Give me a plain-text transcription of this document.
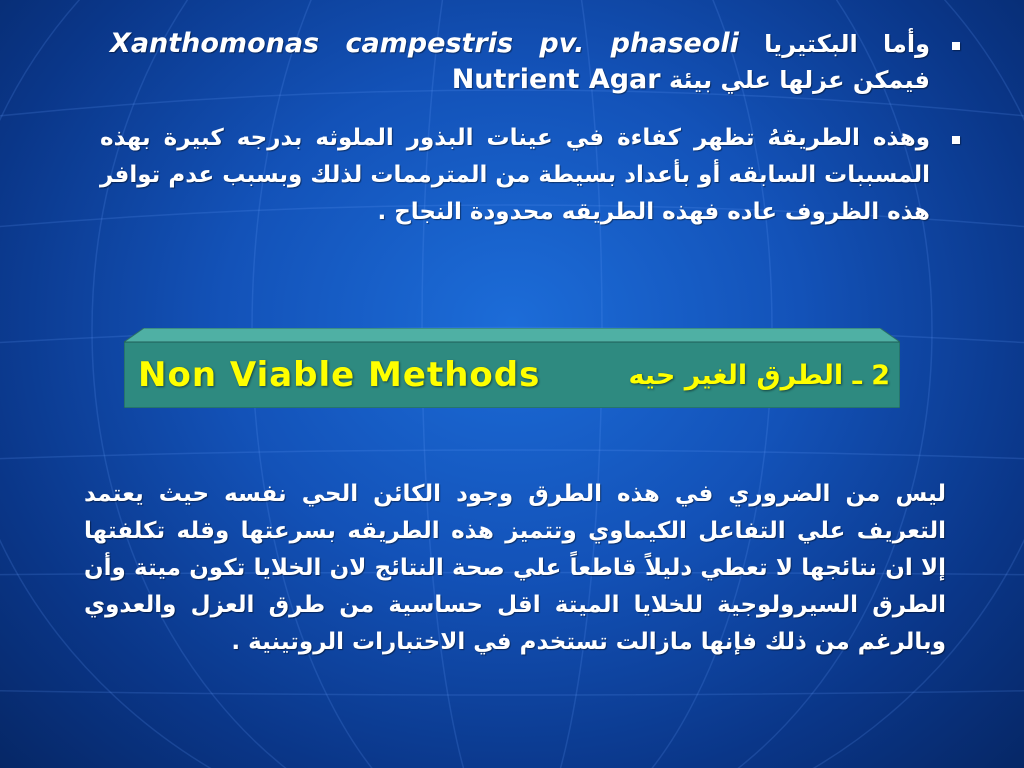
وأما البكتيريا Xanthomonas campestris pv. phaseoli فيمكن عزلها علي بيئة Nutrient Agar
وهذه الطريقهُ تظهر كفاءة في عينات البذور الملوثه بدرجه كبيرة بهذه المسببات السابقه أو بأعداد بسيطة من المترممات لذلك وبسبب عدم توافر هذه الظروف عاده فهذه الطريقه محدودة النجاح .
Non Viable Methods	2 ـ الطرق الغير حيه
ليس من الضروري في هذه الطرق وجود الكائن الحي نفسه حيث يعتمد التعريف علي التفاعل الكيماوي وتتميز هذه الطريقه بسرعتها وقله تكلفتها إلا ان نتائجها لا تعطي دليلاً قاطعاً علي صحة النتائج لان الخلايا تكون ميتة وأن الطرق السيرولوجية للخلايا الميتة اقل حساسية من طرق العزل والعدوي وبالرغم من ذلك فإنها مازالت تستخدم في الاختبارات الروتينية .
